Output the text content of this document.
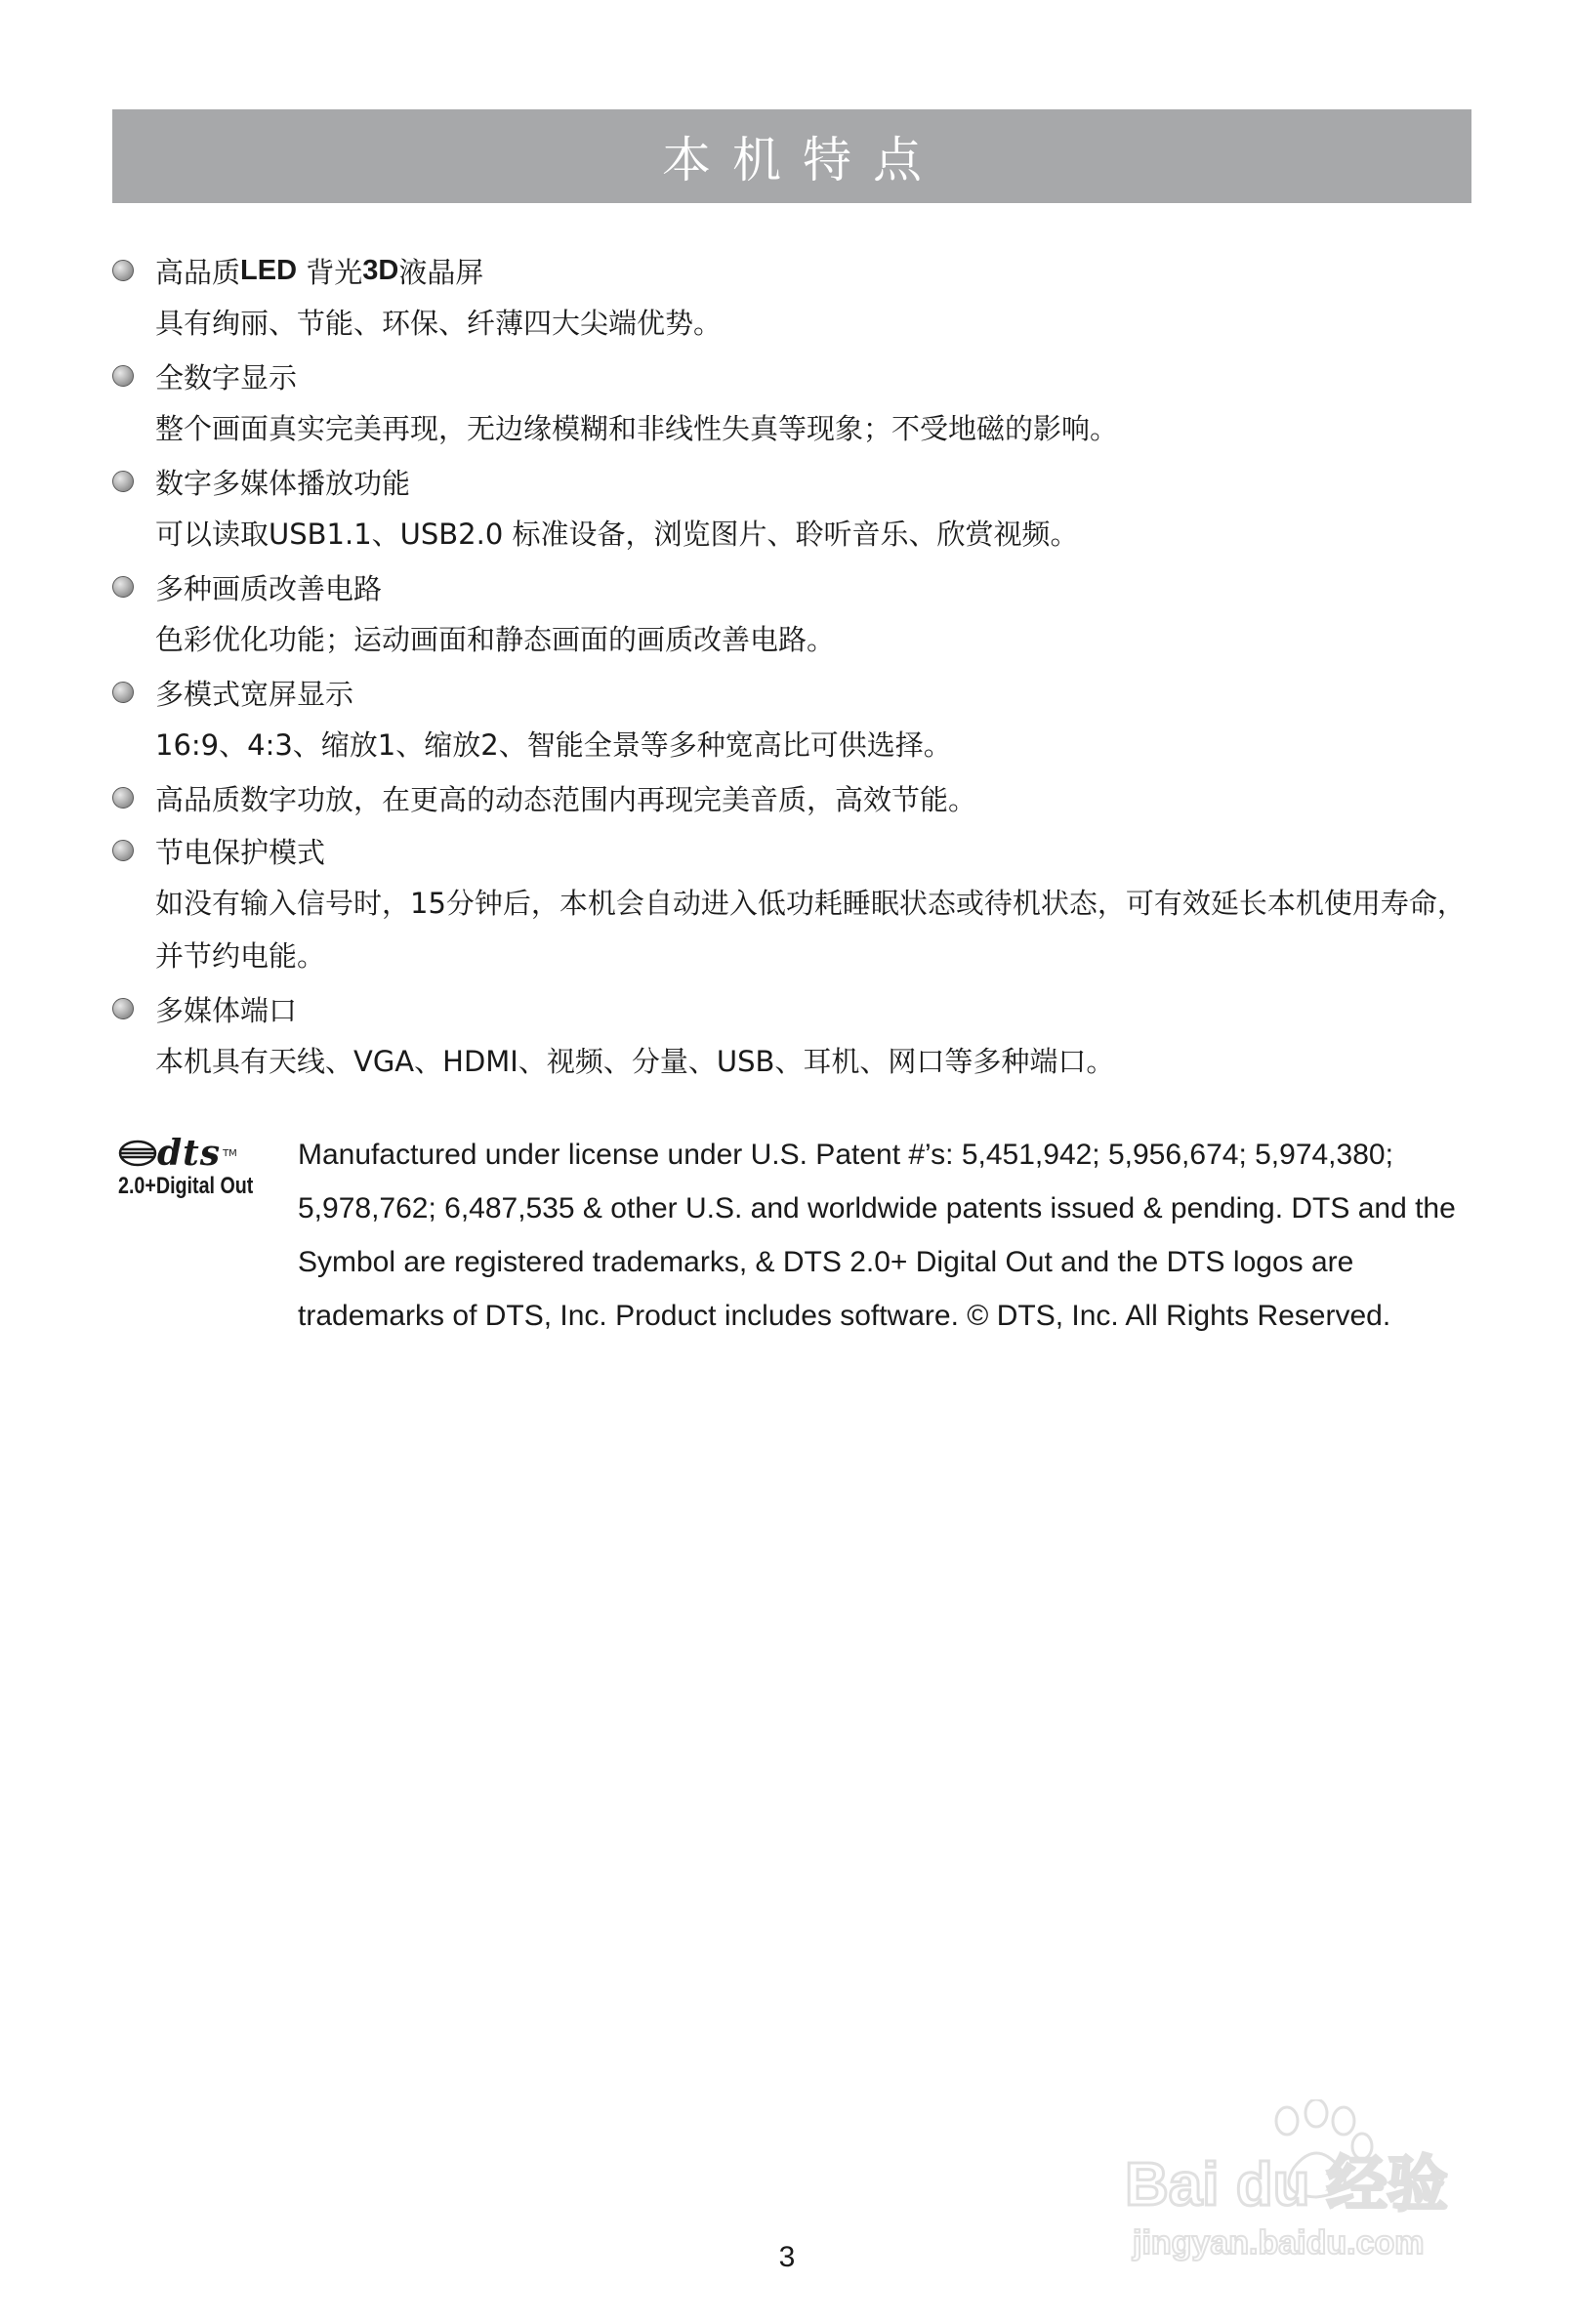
本机特点
高品质 LED 背光 3D 液晶屏
具有绚丽、节能、环保、纤薄四大尖端优势。
全数字显示
整个画面真实完美再现，无边缘模糊和非线性失真等现象；不受地磁的影响。
数字多媒体播放功能
可以读取USB1.1、USB2.0 标准设备，浏览图片、聆听音乐、欣赏视频。
多种画质改善电路
色彩优化功能；运动画面和静态画面的画质改善电路。
多模式宽屏显示
16:9、4:3、缩放1、缩放2、智能全景等多种宽高比可供选择。
高品质数字功放，在更高的动态范围内再现完美音质，高效节能。
节电保护模式
如没有输入信号时，15分钟后，本机会自动进入低功耗睡眠状态或待机状态，可有效延长本机使用寿命，并节约电能。
多媒体端口
本机具有天线、VGA、HDMI、视频、分量、USB、耳机、网口等多种端口。
dts TM
2.0+Digital Out
Manufactured under license under U.S. Patent #’s: 5,451,942; 5,956,674; 5,974,380; 5,978,762; 6,487,535 & other U.S. and worldwide patents issued & pending. DTS and the Symbol are registered trademarks, & DTS 2.0+ Digital Out and the DTS logos are trademarks of DTS, Inc. Product includes software. © DTS, Inc. All Rights Reserved.
Bai du 经验
jingyan.baidu.com
3
